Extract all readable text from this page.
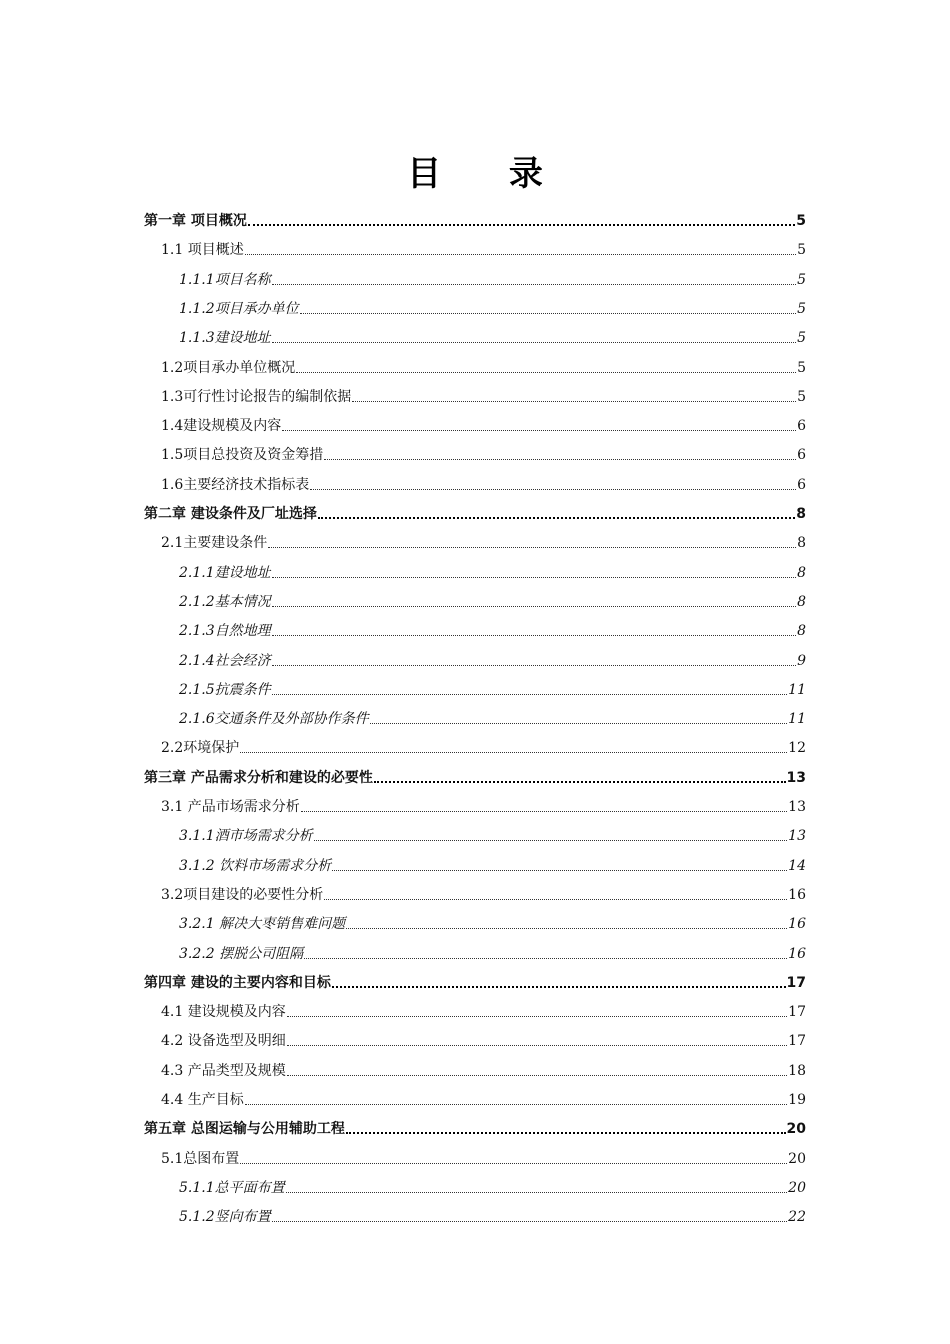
目 录
第一章 项目概况	5
1.1 项目概述	5
1.1.1项目名称	5
1.1.2项目承办单位	5
1.1.3建设地址	5
1.2项目承办单位概况	5
1.3可行性讨论报告的编制依据	5
1.4建设规模及内容	6
1.5项目总投资及资金筹措	6
1.6主要经济技术指标表	6
第二章 建设条件及厂址选择	8
2.1主要建设条件	8
2.1.1建设地址	8
2.1.2基本情况	8
2.1.3自然地理	8
2.1.4社会经济	9
2.1.5抗震条件	11
2.1.6交通条件及外部协作条件	11
2.2环境保护	12
第三章 产品需求分析和建设的必要性	13
3.1 产品市场需求分析	13
3.1.1酒市场需求分析	13
3.1.2 饮料市场需求分析	14
3.2项目建设的必要性分析	16
3.2.1 解决大枣销售难问题	16
3.2.2 摆脱公司阻隔	16
第四章 建设的主要内容和目标	17
4.1 建设规模及内容	17
4.2 设备选型及明细	17
4.3 产品类型及规模	18
4.4 生产目标	19
第五章 总图运输与公用辅助工程	20
5.1总图布置	20
5.1.1总平面布置	20
5.1.2竖向布置	22
